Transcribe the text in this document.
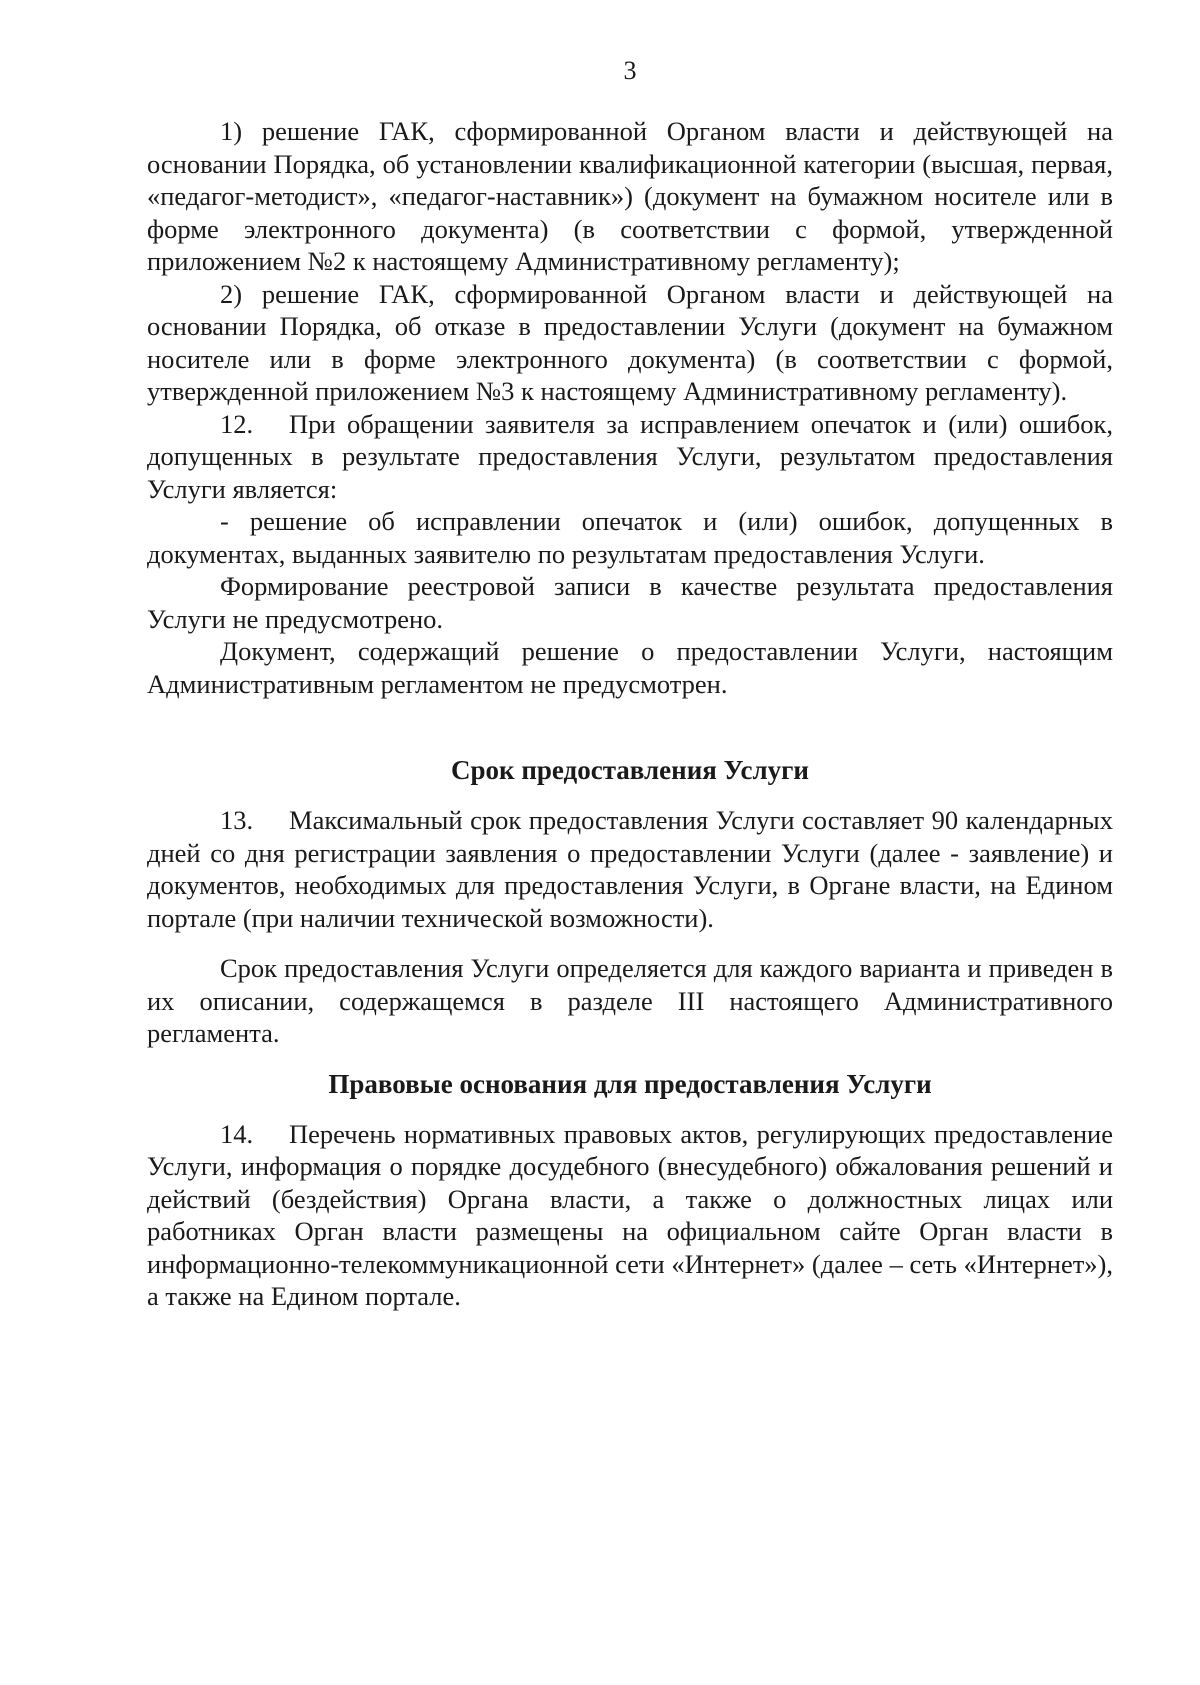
3

1) решение ГАК, сформированной Органом власти и действующей на основании Порядка, об установлении квалификационной категории (высшая, первая, «педагог-методист», «педагог-наставник») (документ на бумажном носителе или в форме электронного документа) (в соответствии с формой, утвержденной приложением №2 к настоящему Административному регламенту);

2) решение ГАК, сформированной Органом власти и действующей на основании Порядка, об отказе в предоставлении Услуги (документ на бумажном носителе или в форме электронного документа) (в соответствии с формой, утвержденной приложением №3 к настоящему Административному регламенту).

12. При обращении заявителя за исправлением опечаток и (или) ошибок, допущенных в результате предоставления Услуги, результатом предоставления Услуги является:

- решение об исправлении опечаток и (или) ошибок, допущенных в документах, выданных заявителю по результатам предоставления Услуги.

Формирование реестровой записи в качестве результата предоставления Услуги не предусмотрено.

Документ, содержащий решение о предоставлении Услуги, настоящим Административным регламентом не предусмотрен.

Срок предоставления Услуги

13. Максимальный срок предоставления Услуги составляет 90 календарных дней со дня регистрации заявления о предоставлении Услуги (далее - заявление) и документов, необходимых для предоставления Услуги, в Органе власти, на Едином портале (при наличии технической возможности).

Срок предоставления Услуги определяется для каждого варианта и приведен в их описании, содержащемся в разделе III настоящего Административного регламента.

Правовые основания для предоставления Услуги

14. Перечень нормативных правовых актов, регулирующих предоставление Услуги, информация о порядке досудебного (внесудебного) обжалования решений и действий (бездействия) Органа власти, а также о должностных лицах или работниках Орган власти размещены на официальном сайте Орган власти в информационно-телекоммуникационной сети «Интернет» (далее – сеть «Интернет»), а также на Едином портале.
